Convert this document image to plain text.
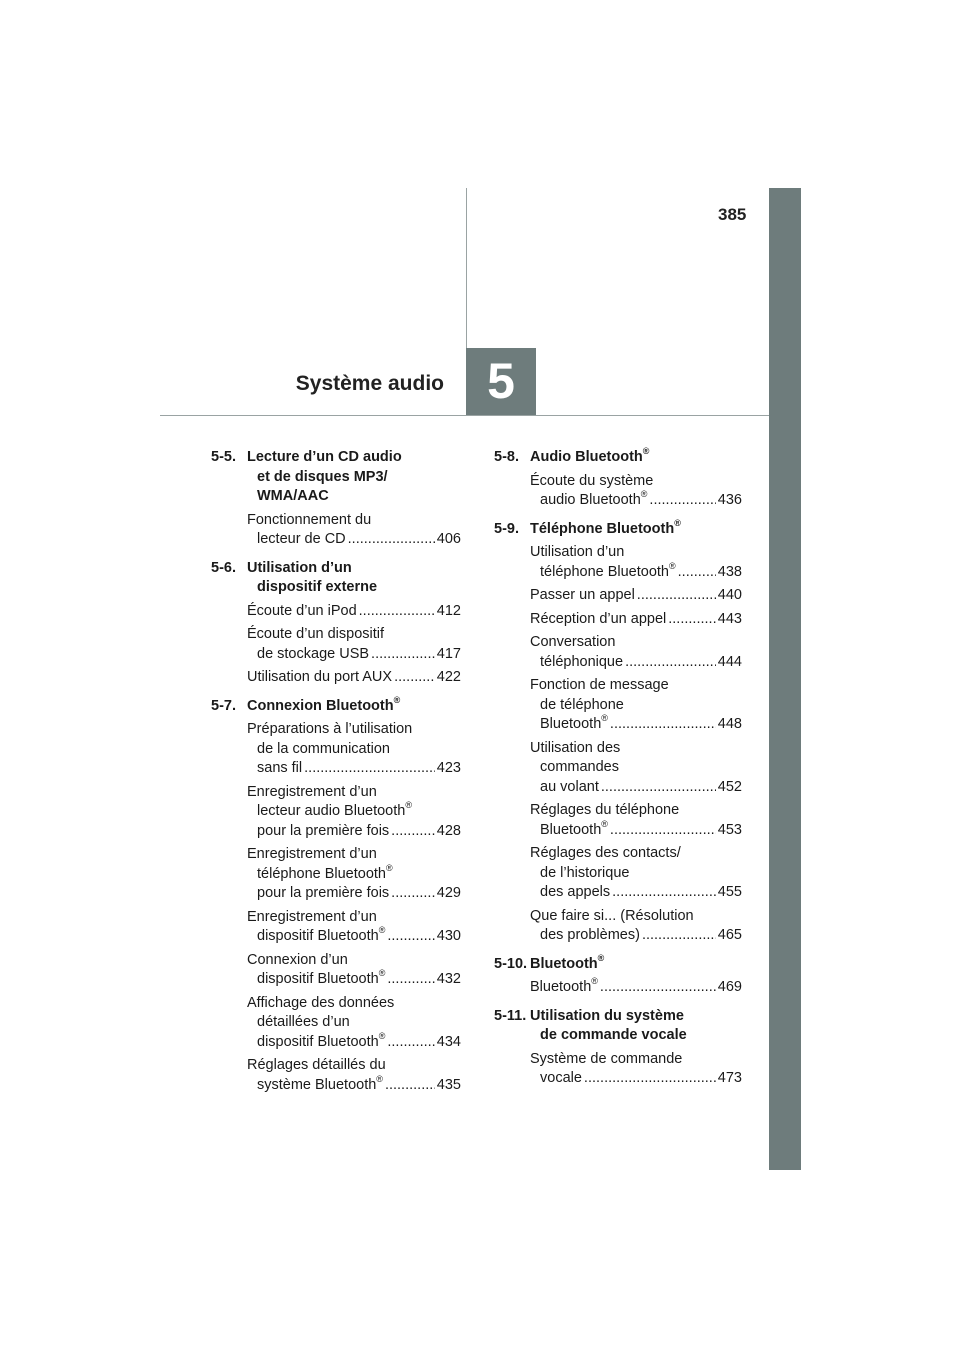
385
Système audio 5
5-5. Lecture d’un CD audio
et de disques MP3/
WMA/AAC
Fonctionnement du
lecteur de CD .....	406
5-6. Utilisation d’un
dispositif externe
Écoute d’un iPod .....	412
Écoute d’un dispositif
de stockage USB .....	417
Utilisation du port AUX .....	422
5-7. Connexion Bluetooth®
Préparations à l’utilisation
de la communication
sans fil .....	423
Enregistrement d’un
lecteur audio Bluetooth®
pour la première fois .....	428
Enregistrement d’un
téléphone Bluetooth®
pour la première fois .....	429
Enregistrement d’un
dispositif Bluetooth® .....	430
Connexion d’un
dispositif Bluetooth® .....	432
Affichage des données
détaillées d’un
dispositif Bluetooth® .....	434
Réglages détaillés du
système Bluetooth® .....	435
5-8. Audio Bluetooth®
Écoute du système
audio Bluetooth® .....	436
5-9. Téléphone Bluetooth®
Utilisation d’un
téléphone Bluetooth® .....	438
Passer un appel .....	440
Réception d’un appel .....	443
Conversation
téléphonique .....	444
Fonction de message
de téléphone
Bluetooth® .....	448
Utilisation des
commandes
au volant .....	452
Réglages du téléphone
Bluetooth® .....	453
Réglages des contacts/
de l’historique
des appels .....	455
Que faire si... (Résolution
des problèmes) .....	465
5-10. Bluetooth®
Bluetooth® .....	469
5-11. Utilisation du système
de commande vocale
Système de commande
vocale .....	473
